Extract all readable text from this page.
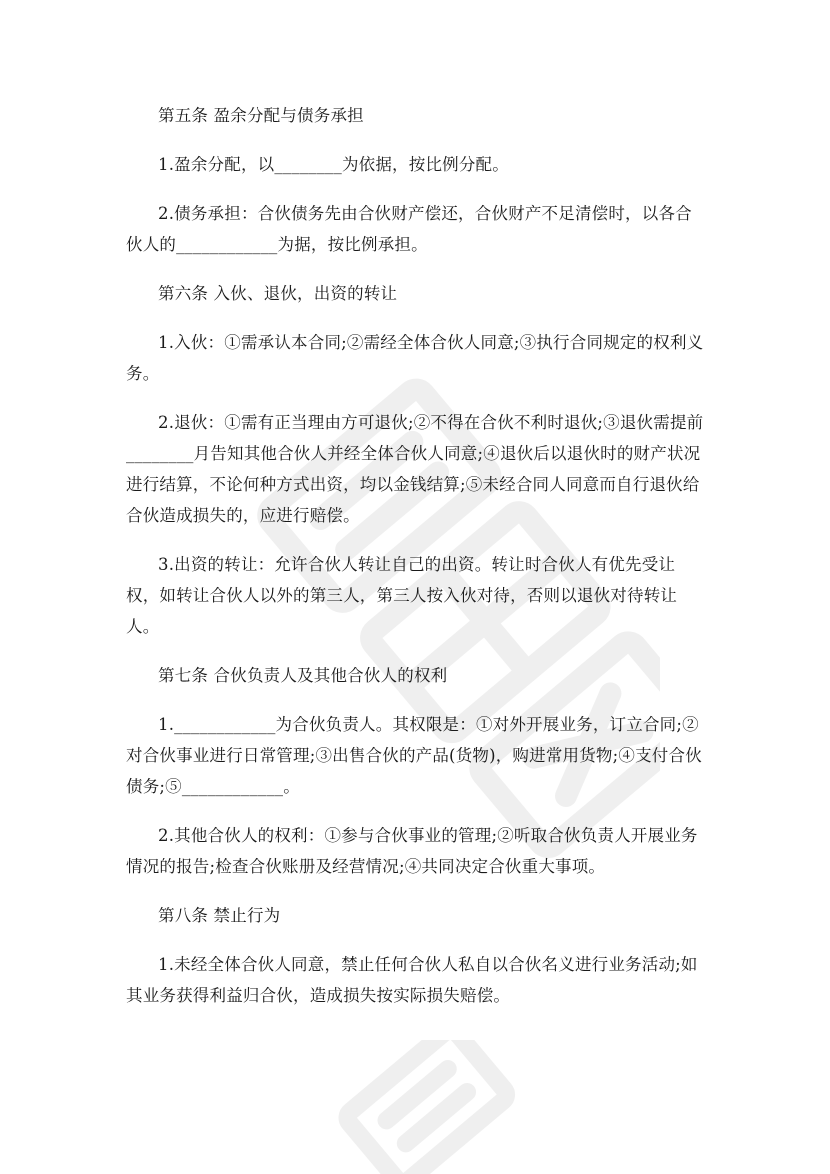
第五条 盈余分配与债务承担

1.盈余分配，以________为依据，按比例分配。

2.债务承担：合伙债务先由合伙财产偿还，合伙财产不足清偿时，以各合伙人的____________为据，按比例承担。

第六条 入伙、退伙，出资的转让

1.入伙：①需承认本合同;②需经全体合伙人同意;③执行合同规定的权利义务。

2.退伙：①需有正当理由方可退伙;②不得在合伙不利时退伙;③退伙需提前________月告知其他合伙人并经全体合伙人同意;④退伙后以退伙时的财产状况进行结算，不论何种方式出资，均以金钱结算;⑤未经合同人同意而自行退伙给合伙造成损失的，应进行赔偿。

3.出资的转让：允许合伙人转让自己的出资。转让时合伙人有优先受让权，如转让合伙人以外的第三人，第三人按入伙对待，否则以退伙对待转让人。

第七条 合伙负责人及其他合伙人的权利

1.____________为合伙负责人。其权限是：①对外开展业务，订立合同;②对合伙事业进行日常管理;③出售合伙的产品(货物)，购进常用货物;④支付合伙债务;⑤____________。

2.其他合伙人的权利：①参与合伙事业的管理;②听取合伙负责人开展业务情况的报告;检查合伙账册及经营情况;④共同决定合伙重大事项。

第八条 禁止行为

1.未经全体合伙人同意，禁止任何合伙人私自以合伙名义进行业务活动;如其业务获得利益归合伙，造成损失按实际损失赔偿。
